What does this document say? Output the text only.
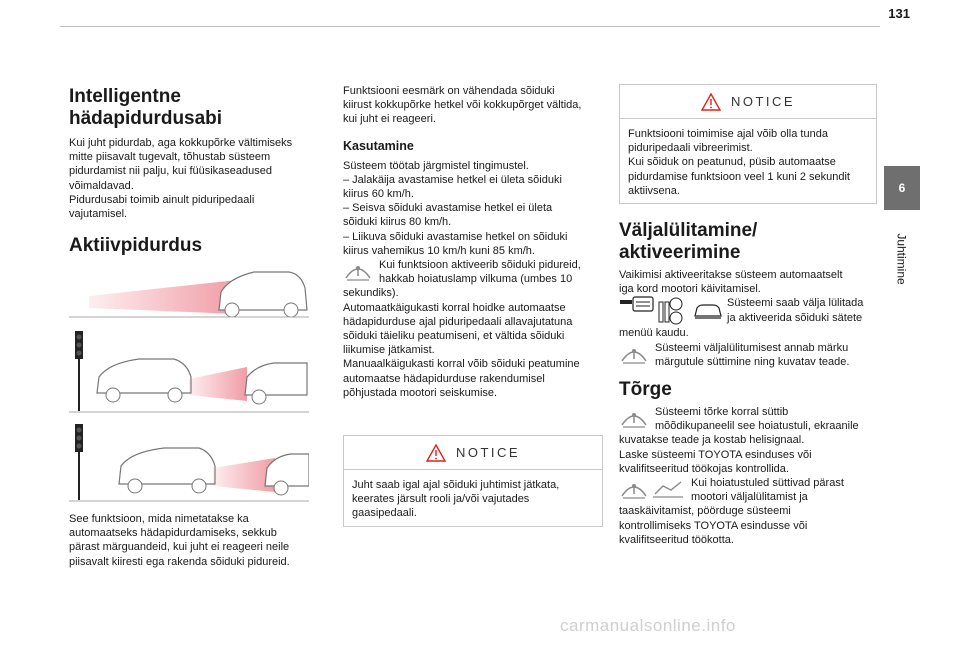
131
6
Juhtimine
Intelligentne
hädapidurdusabi

Kui juht pidurdab, aga kokkupõrke vältimiseks

mitte piisavalt tugevalt, tõhustab süsteem

pidurdamist nii palju, kui füüsikaseadused

võimaldavad.

Pidurdusabi toimib ainult piduripedaali

vajutamisel.

Aktiivpidurdus

See funktsioon, mida nimetatakse ka

automaatseks hädapidurdamiseks, sekkub

pärast märguandeid, kui juht ei reageeri neile

piisavalt kiiresti ega rakenda sõiduki pidureid.

Funktsiooni eesmärk on vähendada sõiduki

kiirust kokkupõrke hetkel või kokkupõrget vältida,

kui juht ei reageeri.

Kasutamine

Süsteem töötab järgmistel tingimustel.

– Jalakäija avastamise hetkel ei ületa sõiduki

kiirus 60 km/h.

– Seisva sõiduki avastamise hetkel ei ületa

sõiduki kiirus 80 km/h.

– Liikuva sõiduki avastamise hetkel on sõiduki

kiirus vahemikus 10 km/h kuni 85 km/h.

Kui funktsioon aktiveerib sõiduki pidureid,

hakkab hoiatuslamp vilkuma (umbes 10

sekundiks).

Automaatkäigukasti korral hoidke automaatse

hädapidurduse ajal piduripedaali allavajutatuna

sõiduki täieliku peatumiseni, et vältida sõiduki

liikumise jätkamist.

Manuaalkäigukasti korral võib sõiduki peatumine

automaatse hädapidurduse rakendumisel

põhjustada mootori seiskumise.

NOTICE
Juht saab igal ajal sõiduki juhtimist jätkata,
keerates järsult rooli ja/või vajutades
gaasipedaali.
NOTICE
Funktsiooni toimimise ajal võib olla tunda
piduripedaali vibreerimist.
Kui sõiduk on peatunud, püsib automaatse
pidurdamise funktsioon veel 1 kuni 2 sekundit
aktiivsena.
Väljalülitamine/
aktiveerimine

Vaikimisi aktiveeritakse süsteem automaatselt

iga kord mootori käivitamisel.

Süsteemi saab välja lülitada

ja aktiveerida sõiduki sätete

menüü kaudu.

Süsteemi väljalülitumisest annab märku

märgutule süttimine ning kuvatav teade.

Tõrge

Süsteemi tõrke korral süttib

mõõdikupaneelil see hoiatustuli, ekraanile

kuvatakse teade ja kostab helisignaal.

Laske süsteemi TOYOTA esinduses või

kvalifitseeritud töökojas kontrollida.

Kui hoiatustuled süttivad pärast

mootori väljalülitamist ja

taaskäivitamist, pöörduge süsteemi

kontrollimiseks TOYOTA esindusse või

kvalifitseeritud töökotta.

carmanualsonline.info
